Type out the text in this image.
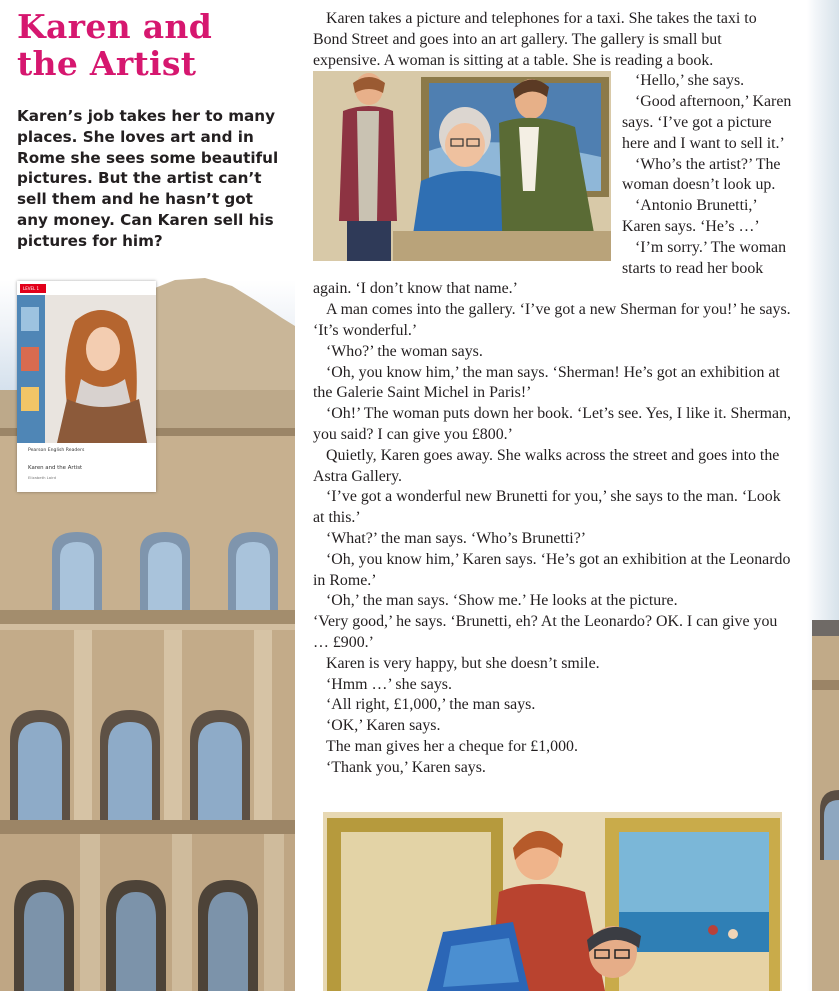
Karen and
the Artist

Karen’s job takes her to many places. She loves art and in Rome she sees some beautiful pictures. But the artist can’t sell them and he hasn’t got any money. Can Karen sell his pictures for him?

LEVEL 1
Pearson English Readers
Karen and the Artist
Elizabeth Laird

Karen takes a picture and telephones for a taxi. She takes the taxi to Bond Street and goes into an art gallery. The gallery is small but expensive. A woman is sitting at a table. She is reading a book.

‘Hello,’ she says.

‘Good afternoon,’ Karen says. ‘I’ve got a picture here and I want to sell it.’

‘Who’s the artist?’ The woman doesn’t look up.

‘Antonio Brunetti,’ Karen says. ‘He’s …’

‘I’m sorry.’ The woman starts to read her book again. ‘I don’t know that name.’

A man comes into the gallery. ‘I’ve got a new Sherman for you!’ he says. ‘It’s wonderful.’

‘Who?’ the woman says.

‘Oh, you know him,’ the man says. ‘Sherman! He’s got an exhibition at the Galerie Saint Michel in Paris!’

‘Oh!’ The woman puts down her book. ‘Let’s see. Yes, I like it. Sherman, you said? I can give you £800.’

Quietly, Karen goes away. She walks across the street and goes into the Astra Gallery.

‘I’ve got a wonderful new Brunetti for you,’ she says to the man. ‘Look at this.’

‘What?’ the man says. ‘Who’s Brunetti?’

‘Oh, you know him,’ Karen says. ‘He’s got an exhibition at the Leonardo in Rome.’

‘Oh,’ the man says. ‘Show me.’ He looks at the picture.

‘Very good,’ he says. ‘Brunetti, eh? At the Leonardo? OK. I can give you … £900.’

Karen is very happy, but she doesn’t smile.

‘Hmm …’ she says.

‘All right, £1,000,’ the man says.

‘OK,’ Karen says.

The man gives her a cheque for £1,000.

‘Thank you,’ Karen says.
